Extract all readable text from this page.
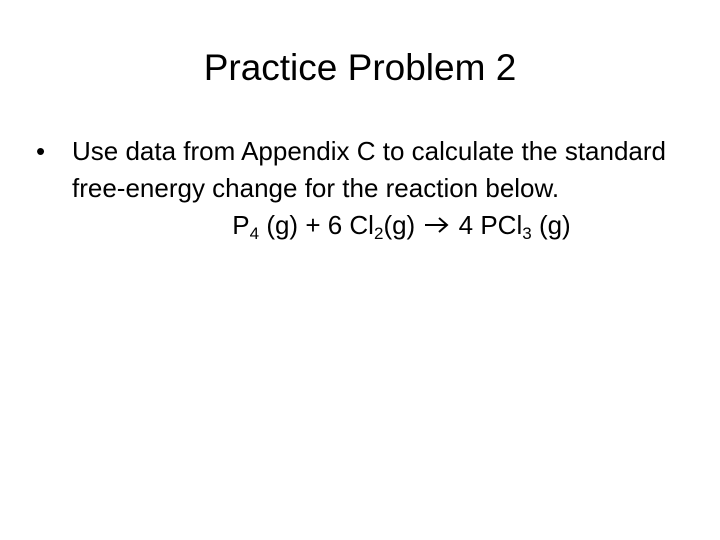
Practice Problem 2
• Use data from Appendix C to calculate the standard free-energy change for the reaction below.
$P_4$ (g) + 6 $Cl_2(g)$  4 PCl$_3$ (g)
